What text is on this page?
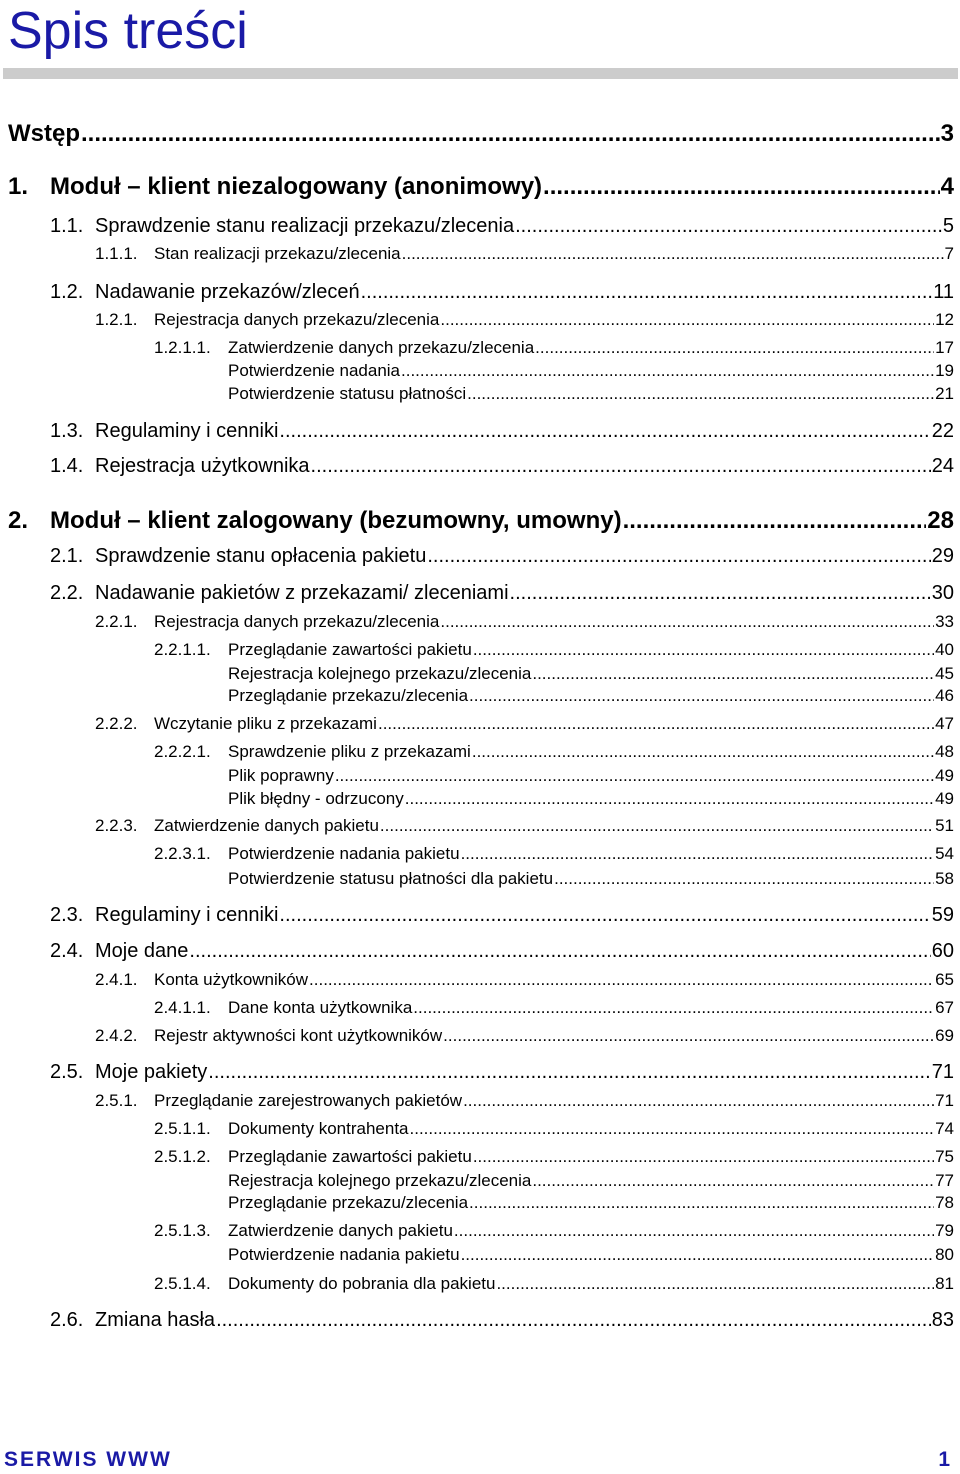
Spis treści
Wstęp .....	3
1. Moduł – klient niezalogowany (anonimowy) .....	4
1.1. Sprawdzenie stanu realizacji przekazu/zlecenia .....	5
1.1.1. Stan realizacji przekazu/zlecenia .....	7
1.2. Nadawanie przekazów/zleceń .....	11
1.2.1. Rejestracja danych przekazu/zlecenia .....	12
1.2.1.1.	Zatwierdzenie danych przekazu/zlecenia .....	17
Potwierdzenie nadania .....	19
Potwierdzenie statusu płatności .....	21
1.3. Regulaminy i cenniki .....	22
1.4. Rejestracja użytkownika .....	24
2. Moduł – klient zalogowany (bezumowny, umowny) .....	28
2.1. Sprawdzenie stanu opłacenia pakietu .....	29
2.2. Nadawanie pakietów z przekazami/ zleceniami .....	30
2.2.1. Rejestracja danych przekazu/zlecenia .....	33
2.2.1.1.	Przeglądanie zawartości pakietu .....	40
Rejestracja kolejnego przekazu/zlecenia .....	45
Przeglądanie przekazu/zlecenia .....	46
2.2.2. Wczytanie pliku z przekazami .....	47
2.2.2.1.	Sprawdzenie pliku z przekazami .....	48
Plik poprawny .....	49
Plik błędny - odrzucony .....	49
2.2.3. Zatwierdzenie danych pakietu .....	51
2.2.3.1.	Potwierdzenie nadania pakietu .....	54
Potwierdzenie statusu płatności dla pakietu .....	58
2.3. Regulaminy i cenniki .....	59
2.4. Moje dane .....	60
2.4.1. Konta użytkowników .....	65
2.4.1.1.	Dane konta użytkownika .....	67
2.4.2. Rejestr aktywności kont użytkowników .....	69
2.5. Moje pakiety .....	71
2.5.1. Przeglądanie zarejestrowanych pakietów .....	71
2.5.1.1.	Dokumenty kontrahenta .....	74
2.5.1.2.	Przeglądanie zawartości pakietu .....	75
Rejestracja kolejnego przekazu/zlecenia .....	77
Przeglądanie przekazu/zlecenia .....	78
2.5.1.3.	Zatwierdzenie danych pakietu .....	79
Potwierdzenie nadania pakietu .....	80
2.5.1.4.	Dokumenty do pobrania dla pakietu .....	81
2.6. Zmiana hasła .....	83
SERWIS WWW	1
